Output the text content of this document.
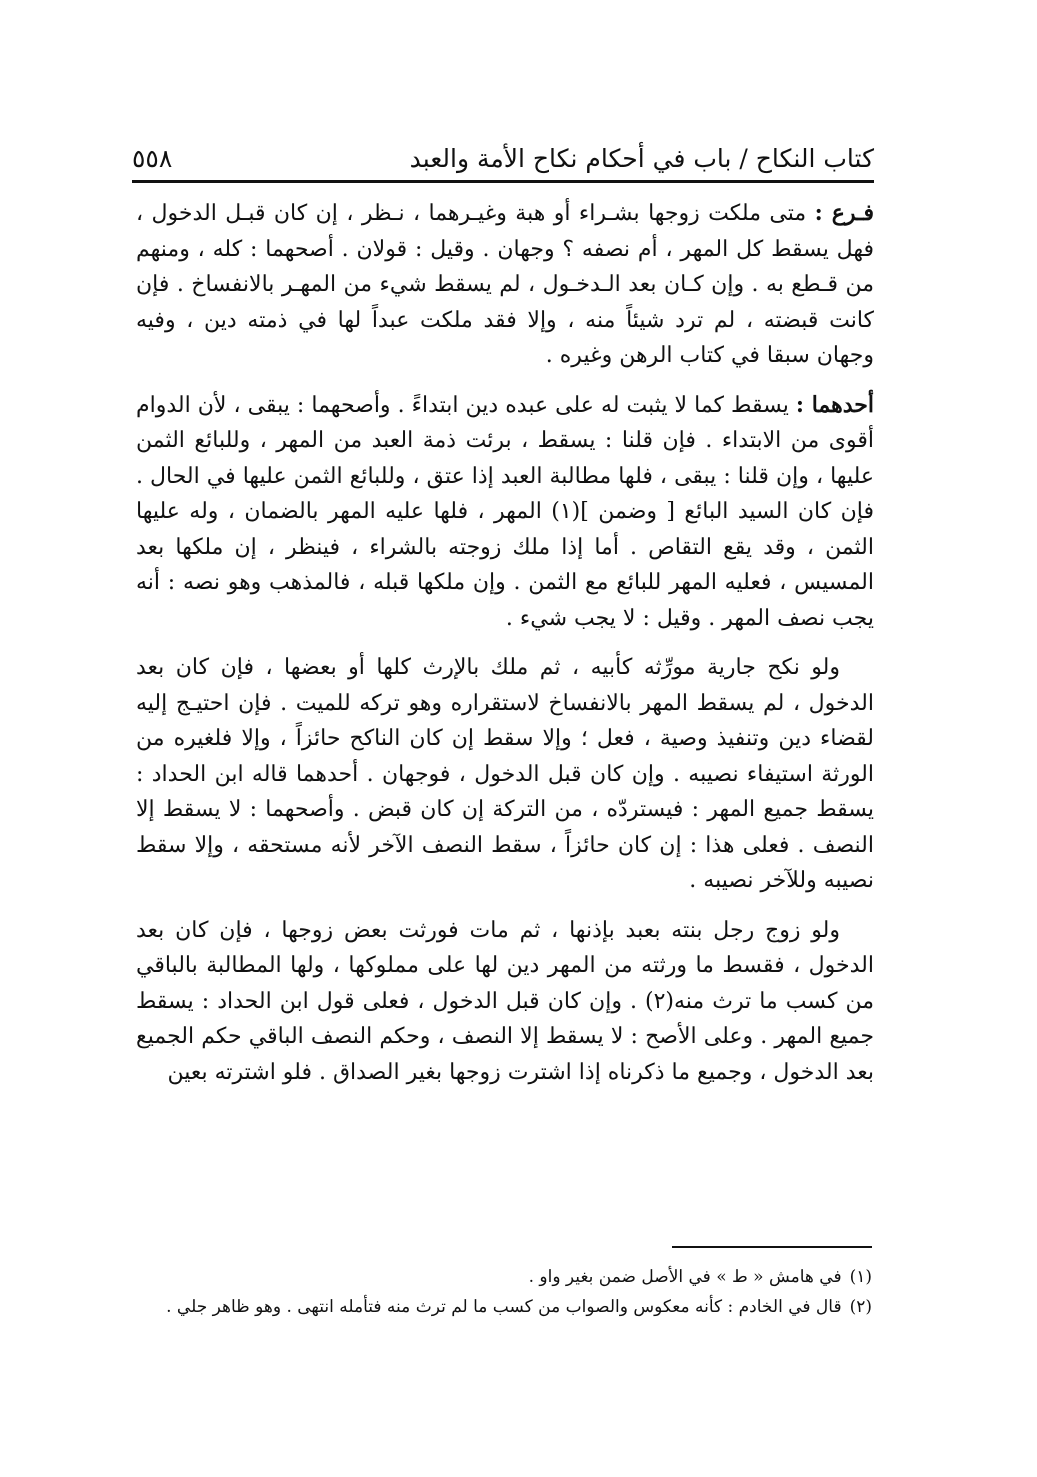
كتاب النكاح / باب في أحكام نكاح الأمة والعبد
٥٥٨

فـرع : متى ملكت زوجها بشـراء أو هبة وغيـرهما ، نـظر ، إن كان قبـل الدخول ، فهل يسقط كل المهر ، أم نصفه ؟ وجهان . وقيل : قولان . أصحهما : كله ، ومنهم من قـطع به . وإن كـان بعد الـدخـول ، لم يسقط شيء من المهـر بالانفساخ . فإن كانت قبضته ، لم ترد شيئاً منه ، وإلا فقد ملكت عبداً لها في ذمته دين ، وفيه وجهان سبقا في كتاب الرهن وغيره .

أحدهما : يسقط كما لا يثبت له على عبده دين ابتداءً . وأصحهما : يبقى ، لأن الدوام أقوى من الابتداء . فإن قلنا : يسقط ، برئت ذمة العبد من المهر ، وللبائع الثمن عليها ، وإن قلنا : يبقى ، فلها مطالبة العبد إذا عتق ، وللبائع الثمن عليها في الحال . فإن كان السيد البائع [ وضمن ](١) المهر ، فلها عليه المهر بالضمان ، وله عليها الثمن ، وقد يقع التقاص . أما إذا ملك زوجته بالشراء ، فينظر ، إن ملكها بعد المسيس ، فعليه المهر للبائع مع الثمن . وإن ملكها قبله ، فالمذهب وهو نصه : أنه يجب نصف المهر . وقيل : لا يجب شيء .

ولو نكح جارية مورِّثه كأبيه ، ثم ملك بالإرث كلها أو بعضها ، فإن كان بعد الدخول ، لم يسقط المهر بالانفساخ لاستقراره وهو تركه للميت . فإن احتيـج إليه لقضاء دين وتنفيذ وصية ، فعل ؛ وإلا سقط إن كان الناكح حائزاً ، وإلا فلغيره من الورثة استيفاء نصيبه . وإن كان قبل الدخول ، فوجهان . أحدهما قاله ابن الحداد : يسقط جميع المهر : فيستردّه ، من التركة إن كان قبض . وأصحهما : لا يسقط إلا النصف . فعلى هذا : إن كان حائزاً ، سقط النصف الآخر لأنه مستحقه ، وإلا سقط نصيبه وللآخر نصيبه .

ولو زوج رجل بنته بعبد بإذنها ، ثم مات فورثت بعض زوجها ، فإن كان بعد الدخول ، فقسط ما ورثته من المهر دين لها على مملوكها ، ولها المطالبة بالباقي من كسب ما ترث منه(٢) . وإن كان قبل الدخول ، فعلى قول ابن الحداد : يسقط جميع المهر . وعلى الأصح : لا يسقط إلا النصف ، وحكم النصف الباقي حكم الجميع بعد الدخول ، وجميع ما ذكرناه إذا اشترت زوجها بغير الصداق . فلو اشترته بعين

(١)في هامش « ط » في الأصل ضمن بغير واو .

(٢)قال في الخادم : كأنه معكوس والصواب من كسب ما لم ترث منه فتأمله انتهى . وهو ظاهر جلي .
